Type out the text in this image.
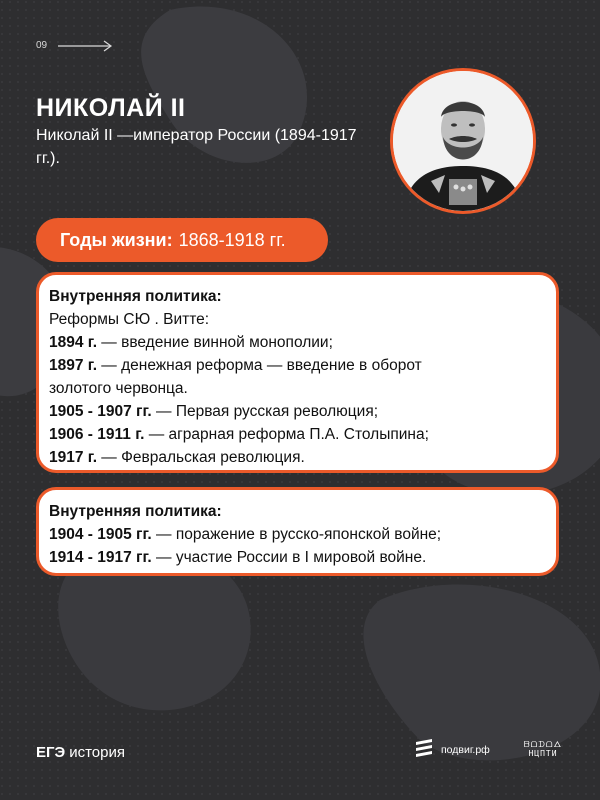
09
НИКОЛАЙ II
Николай II —император России (1894-1917 гг.).
Годы жизни: 1868-1918 гг.
Внутренняя политика:
Реформы СЮ . Витте:
1894 г. — введение винной монополии;
1897 г. — денежная реформа — введение в оборот
золотого червонца.
1905 - 1907 гг. — Первая русская революция;
1906 - 1911 г. — аграрная реформа П.А. Столыпина;
1917 г. — Февральская революция.
Внутренняя политика:
1904 - 1905 гг. — поражение в русско-японской войне;
1914 - 1917 гг. — участие России в I мировой войне.
ЕГЭ история	подвиг.рф	ᗷᗝᗪᗝᐃ
НЦПТИ
